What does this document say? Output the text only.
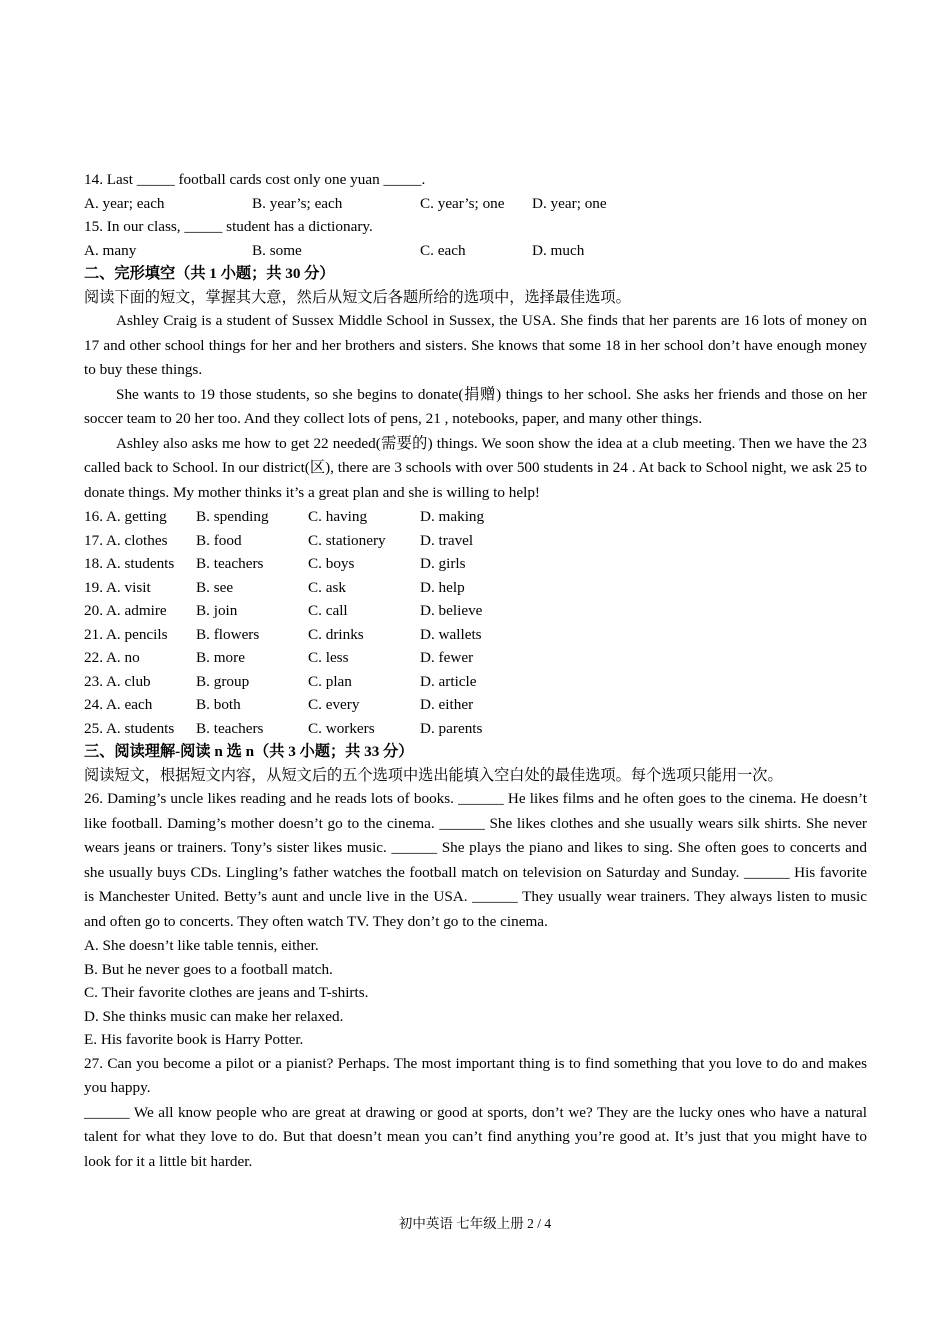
14. Last _____ football cards cost only one yuan _____.
A. year; each	B. year’s; each	C. year’s; one	D. year; one
15. In our class, _____ student has a dictionary.
A. many	B. some	C. each	D. much
二、完形填空（共 1 小题；共 30 分）
阅读下面的短文，掌握其大意，然后从短文后各题所给的选项中，选择最佳选项。

Ashley Craig is a student of Sussex Middle School in Sussex, the USA. She finds that her parents are 16 lots of money on 17 and other school things for her and her brothers and sisters. She knows that some 18 in her school don’t have enough money to buy these things.

She wants to 19 those students, so she begins to donate(捐赠) things to her school. She asks her friends and those on her soccer team to 20 her too. And they collect lots of pens, 21 , notebooks, paper, and many other things.

Ashley also asks me how to get 22 needed(需要的) things. We soon show the idea at a club meeting. Then we have the 23 called back to School. In our district(区), there are 3 schools with over 500 students in 24 . At back to School night, we ask 25 to donate things. My mother thinks it’s a great plan and she is willing to help!

16. A. getting	B. spending	C. having	D. making
17. A. clothes	B. food	C. stationery	D. travel
18. A. students	B. teachers	C. boys	D. girls
19. A. visit	B. see	C. ask	D. help
20. A. admire	B. join	C. call	D. believe
21. A. pencils	B. flowers	C. drinks	D. wallets
22. A. no	B. more	C. less	D. fewer
23. A. club	B. group	C. plan	D. article
24. A. each	B. both	C. every	D. either
25. A. students	B. teachers	C. workers	D. parents
三、阅读理解-阅读 n 选 n（共 3 小题；共 33 分）
阅读短文，根据短文内容，从短文后的五个选项中选出能填入空白处的最佳选项。每个选项只能用一次。

26. Daming’s uncle likes reading and he reads lots of books. ______ He likes films and he often goes to the cinema. He doesn’t like football. Daming’s mother doesn’t go to the cinema. ______ She likes clothes and she usually wears silk shirts. She never wears jeans or trainers. Tony’s sister likes music. ______ She plays the piano and likes to sing. She often goes to concerts and she usually buys CDs. Lingling’s father watches the football match on television on Saturday and Sunday. ______ His favorite is Manchester United. Betty’s aunt and uncle live in the USA. ______ They usually wear trainers. They always listen to music and often go to concerts. They often watch TV. They don’t go to the cinema.

A. She doesn’t like table tennis, either.
B. But he never goes to a football match.
C. Their favorite clothes are jeans and T-shirts.
D. She thinks music can make her relaxed.
E. His favorite book is Harry Potter.

27. Can you become a pilot or a pianist? Perhaps. The most important thing is to find something that you love to do and makes you happy.

______ We all know people who are great at drawing or good at sports, don’t we? They are the lucky ones who have a natural talent for what they love to do. But that doesn’t mean you can’t find anything you’re good at. It’s just that you might have to look for it a little bit harder.

初中英语 七年级上册 2 / 4
